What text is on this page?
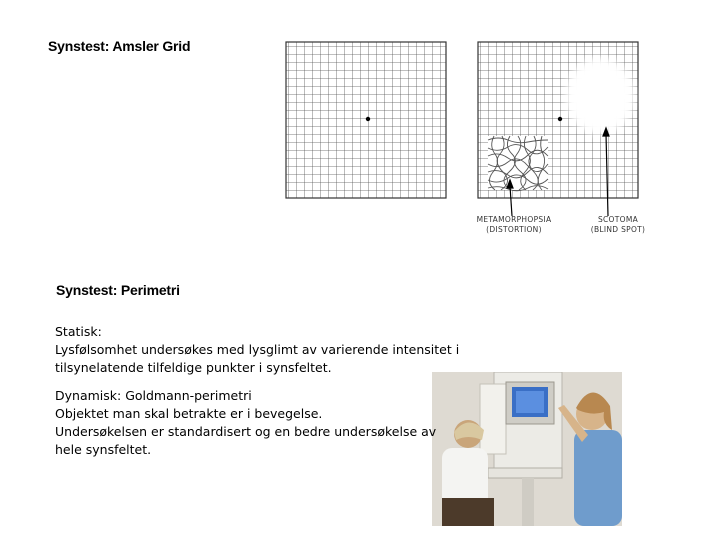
Synstest: Amsler Grid
METAMORPHOPSIA
(DISTORTION)
SCOTOMA
(BLIND SPOT)
Synstest: Perimetri

Statisk:
Lysfølsomhet undersøkes med lysglimt av varierende intensitet i
tilsynelatende tilfeldige punkter i synsfeltet.

Dynamisk: Goldmann-perimetri
Objektet man skal betrakte er i bevegelse.
Undersøkelsen er standardisert og en bedre undersøkelse av
hele synsfeltet.
